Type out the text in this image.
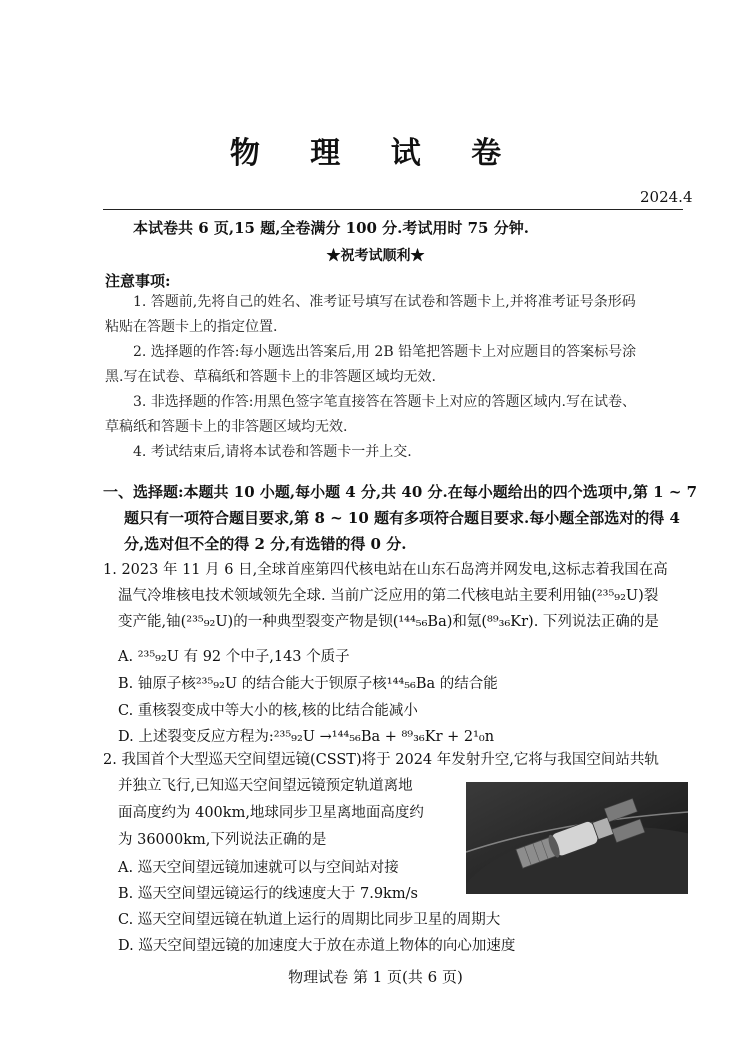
物 理 试 卷
2024.4
本试卷共 6 页,15 题,全卷满分 100 分.考试用时 75 分钟.
★祝考试顺利★
注意事项:
1. 答题前,先将自己的姓名、准考证号填写在试卷和答题卡上,并将准考证号条形码
粘贴在答题卡上的指定位置.
2. 选择题的作答:每小题选出答案后,用 2B 铅笔把答题卡上对应题目的答案标号涂
黑.写在试卷、草稿纸和答题卡上的非答题区域均无效.
3. 非选择题的作答:用黑色签字笔直接答在答题卡上对应的答题区域内.写在试卷、
草稿纸和答题卡上的非答题区域均无效.
4. 考试结束后,请将本试卷和答题卡一并上交.
一、选择题:本题共 10 小题,每小题 4 分,共 40 分.在每小题给出的四个选项中,第 1 ~ 7
题只有一项符合题目要求,第 8 ~ 10 题有多项符合题目要求.每小题全部选对的得 4
分,选对但不全的得 2 分,有选错的得 0 分.
1. 2023 年 11 月 6 日,全球首座第四代核电站在山东石岛湾并网发电,这标志着我国在高
温气冷堆核电技术领域领先全球. 当前广泛应用的第二代核电站主要利用铀(²³⁵₉₂U)裂
变产能,铀(²³⁵₉₂U)的一种典型裂变产物是钡(¹⁴⁴₅₆Ba)和氪(⁸⁹₃₆Kr). 下列说法正确的是
A. ²³⁵₉₂U 有 92 个中子,143 个质子
B. 铀原子核²³⁵₉₂U 的结合能大于钡原子核¹⁴⁴₅₆Ba 的结合能
C. 重核裂变成中等大小的核,核的比结合能减小
D. 上述裂变反应方程为:²³⁵₉₂U →¹⁴⁴₅₆Ba + ⁸⁹₃₆Kr + 2¹₀n
2. 我国首个大型巡天空间望远镜(CSST)将于 2024 年发射升空,它将与我国空间站共轨
并独立飞行,已知巡天空间望远镜预定轨道离地
面高度约为 400km,地球同步卫星离地面高度约
为 36000km,下列说法正确的是
A. 巡天空间望远镜加速就可以与空间站对接
B. 巡天空间望远镜运行的线速度大于 7.9km/s
C. 巡天空间望远镜在轨道上运行的周期比同步卫星的周期大
D. 巡天空间望远镜的加速度大于放在赤道上物体的向心加速度
物理试卷 第 1 页(共 6 页)
